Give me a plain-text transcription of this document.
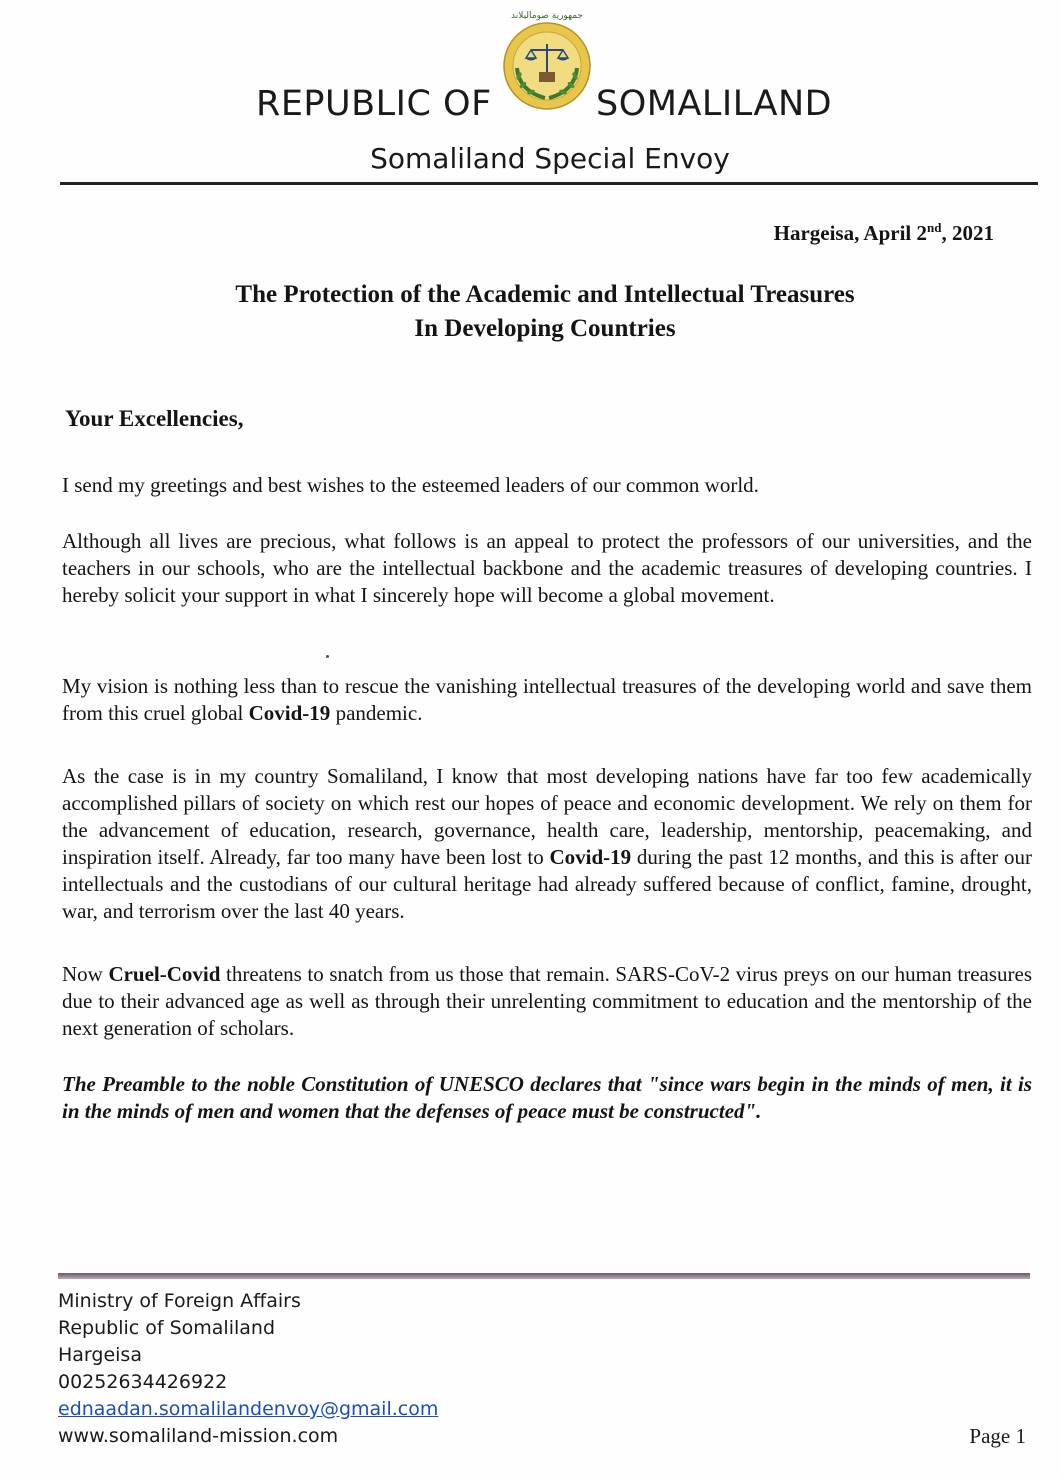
جمهورية صوماليلاند
REPUBLIC OF	SOMALILAND
Somaliland Special Envoy
Hargeisa, April 2nd, 2021
The Protection of the Academic and Intellectual Treasures
In Developing Countries
Your Excellencies,

I send my greetings and best wishes to the esteemed leaders of our common world.

Although all lives are precious, what follows is an appeal to protect the professors of our universities, and the teachers in our schools, who are the intellectual backbone and the academic treasures of developing countries. I hereby solicit your support in what I sincerely hope will become a global movement.

My vision is nothing less than to rescue the vanishing intellectual treasures of the developing world and save them from this cruel global Covid-19 pandemic.

As the case is in my country Somaliland, I know that most developing nations have far too few academically accomplished pillars of society on which rest our hopes of peace and economic development. We rely on them for the advancement of education, research, governance, health care, leadership, mentorship, peacemaking, and inspiration itself. Already, far too many have been lost to Covid-19 during the past 12 months, and this is after our intellectuals and the custodians of our cultural heritage had already suffered because of conflict, famine, drought, war, and terrorism over the last 40 years.

Now Cruel-Covid threatens to snatch from us those that remain. SARS-CoV-2 virus preys on our human treasures due to their advanced age as well as through their unrelenting commitment to education and the mentorship of the next generation of scholars.

The Preamble to the noble Constitution of UNESCO declares that "since wars begin in the minds of men, it is in the minds of men and women that the defenses of peace must be constructed".

Ministry of Foreign Affairs
Republic of Somaliland
Hargeisa
00252634426922
ednaadan.somalilandenvoy@gmail.com
www.somaliland-mission.com	Page 1
